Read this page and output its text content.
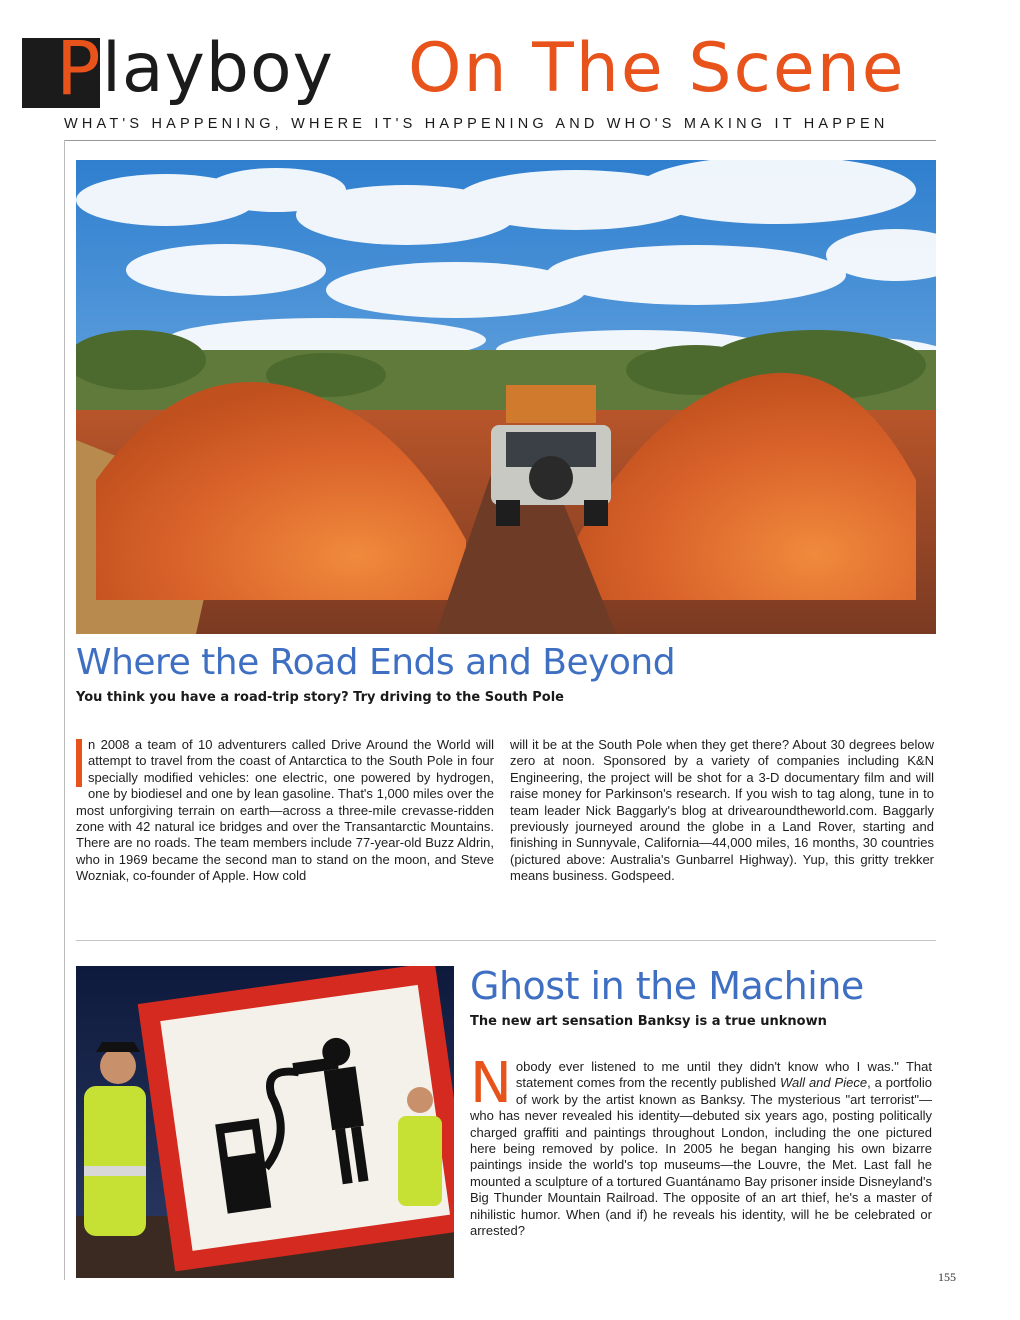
P layboy On The Scene
WHAT'S HAPPENING, WHERE IT'S HAPPENING AND WHO'S MAKING IT HAPPEN
Where the Road Ends and Beyond
You think you have a road-trip story? Try driving to the South Pole
n 2008 a team of 10 adventurers called Drive Around the World will attempt to travel from the coast of Antarctica to the South Pole in four specially modified vehicles: one electric, one powered by hydrogen, one by biodiesel and one by lean gasoline. That's 1,000 miles over the most unforgiving terrain on earth—across a three-mile crevasse-ridden zone with 42 natural ice bridges and over the Transantarctic Mountains. There are no roads. The team members include 77-year-old Buzz Aldrin, who in 1969 became the second man to stand on the moon, and Steve Wozniak, co-founder of Apple. How cold
will it be at the South Pole when they get there? About 30 degrees below zero at noon. Sponsored by a variety of companies including K&N Engineering, the project will be shot for a 3-D documentary film and will raise money for Parkinson's research. If you wish to tag along, tune in to team leader Nick Baggarly's blog at drivearoundtheworld.com. Baggarly previously journeyed around the globe in a Land Rover, starting and finishing in Sunnyvale, California—44,000 miles, 16 months, 30 countries (pictured above: Australia's Gunbarrel Highway). Yup, this gritty trekker means business. Godspeed.
Ghost in the Machine
The new art sensation Banksy is a true unknown
Nobody ever listened to me until they didn't know who I was." That statement comes from the recently published Wall and Piece, a portfolio of work by the artist known as Banksy. The mysterious "art terrorist"—who has never revealed his identity—debuted six years ago, posting politically charged graffiti and paintings throughout London, including the one pictured here being removed by police. In 2005 he began hanging his own bizarre paintings inside the world's top museums—the Louvre, the Met. Last fall he mounted a sculpture of a tortured Guantánamo Bay prisoner inside Disneyland's Big Thunder Mountain Railroad. The opposite of an art thief, he's a master of nihilistic humor. When (and if) he reveals his identity, will he be celebrated or arrested?
155
